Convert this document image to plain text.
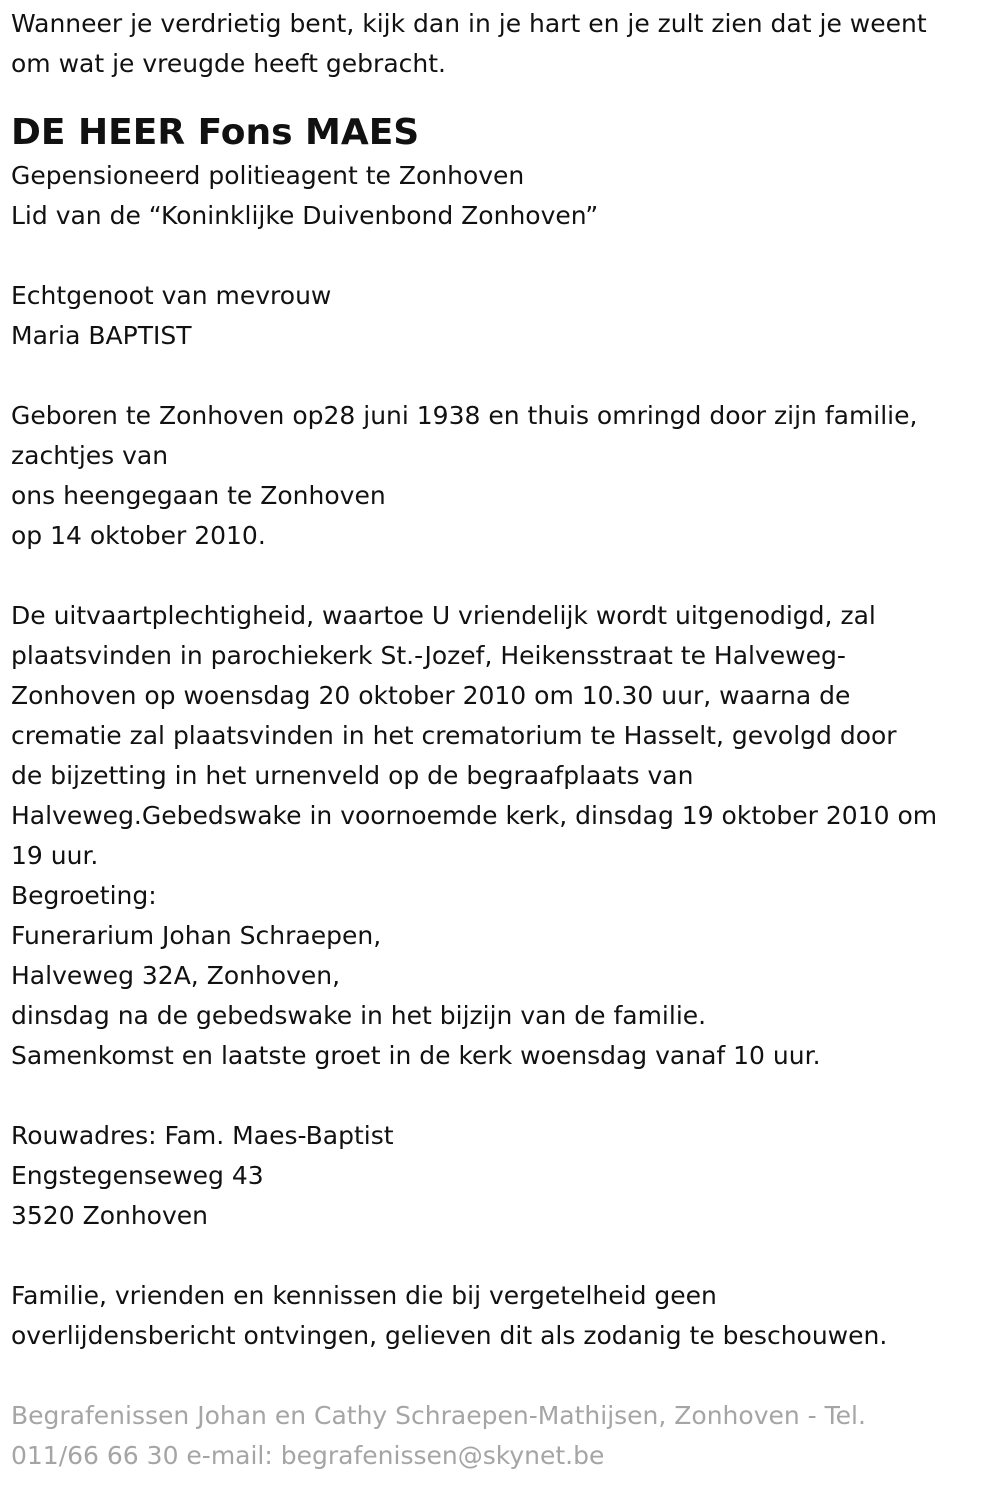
Wanneer je verdrietig bent, kijk dan in je hart en je zult zien dat je weent
om wat je vreugde heeft gebracht.
DE HEER Fons MAES
Gepensioneerd politieagent te Zonhoven
Lid van de “Koninklijke Duivenbond Zonhoven”
Echtgenoot van mevrouw
Maria BAPTIST
Geboren te Zonhoven op28 juni 1938 en thuis omringd door zijn familie,
zachtjes van
ons heengegaan te Zonhoven
op 14 oktober 2010.
De uitvaartplechtigheid, waartoe U vriendelijk wordt uitgenodigd, zal
plaatsvinden in parochiekerk St.-Jozef, Heikensstraat te Halveweg-
Zonhoven op woensdag 20 oktober 2010 om 10.30 uur, waarna de
crematie zal plaatsvinden in het crematorium te Hasselt, gevolgd door
de bijzetting in het urnenveld op de begraafplaats van
Halveweg.Gebedswake in voornoemde kerk, dinsdag 19 oktober 2010 om
19 uur.
Begroeting:
Funerarium Johan Schraepen,
Halveweg 32A, Zonhoven,
dinsdag na de gebedswake in het bijzijn van de familie.
Samenkomst en laatste groet in de kerk woensdag vanaf 10 uur.
Rouwadres: Fam. Maes-Baptist
Engstegenseweg 43
3520 Zonhoven
Familie, vrienden en kennissen die bij vergetelheid geen
overlijdensbericht ontvingen, gelieven dit als zodanig te beschouwen.
Begrafenissen Johan en Cathy Schraepen-Mathijsen, Zonhoven - Tel.
011/66 66 30 e-mail: begrafenissen@skynet.be
